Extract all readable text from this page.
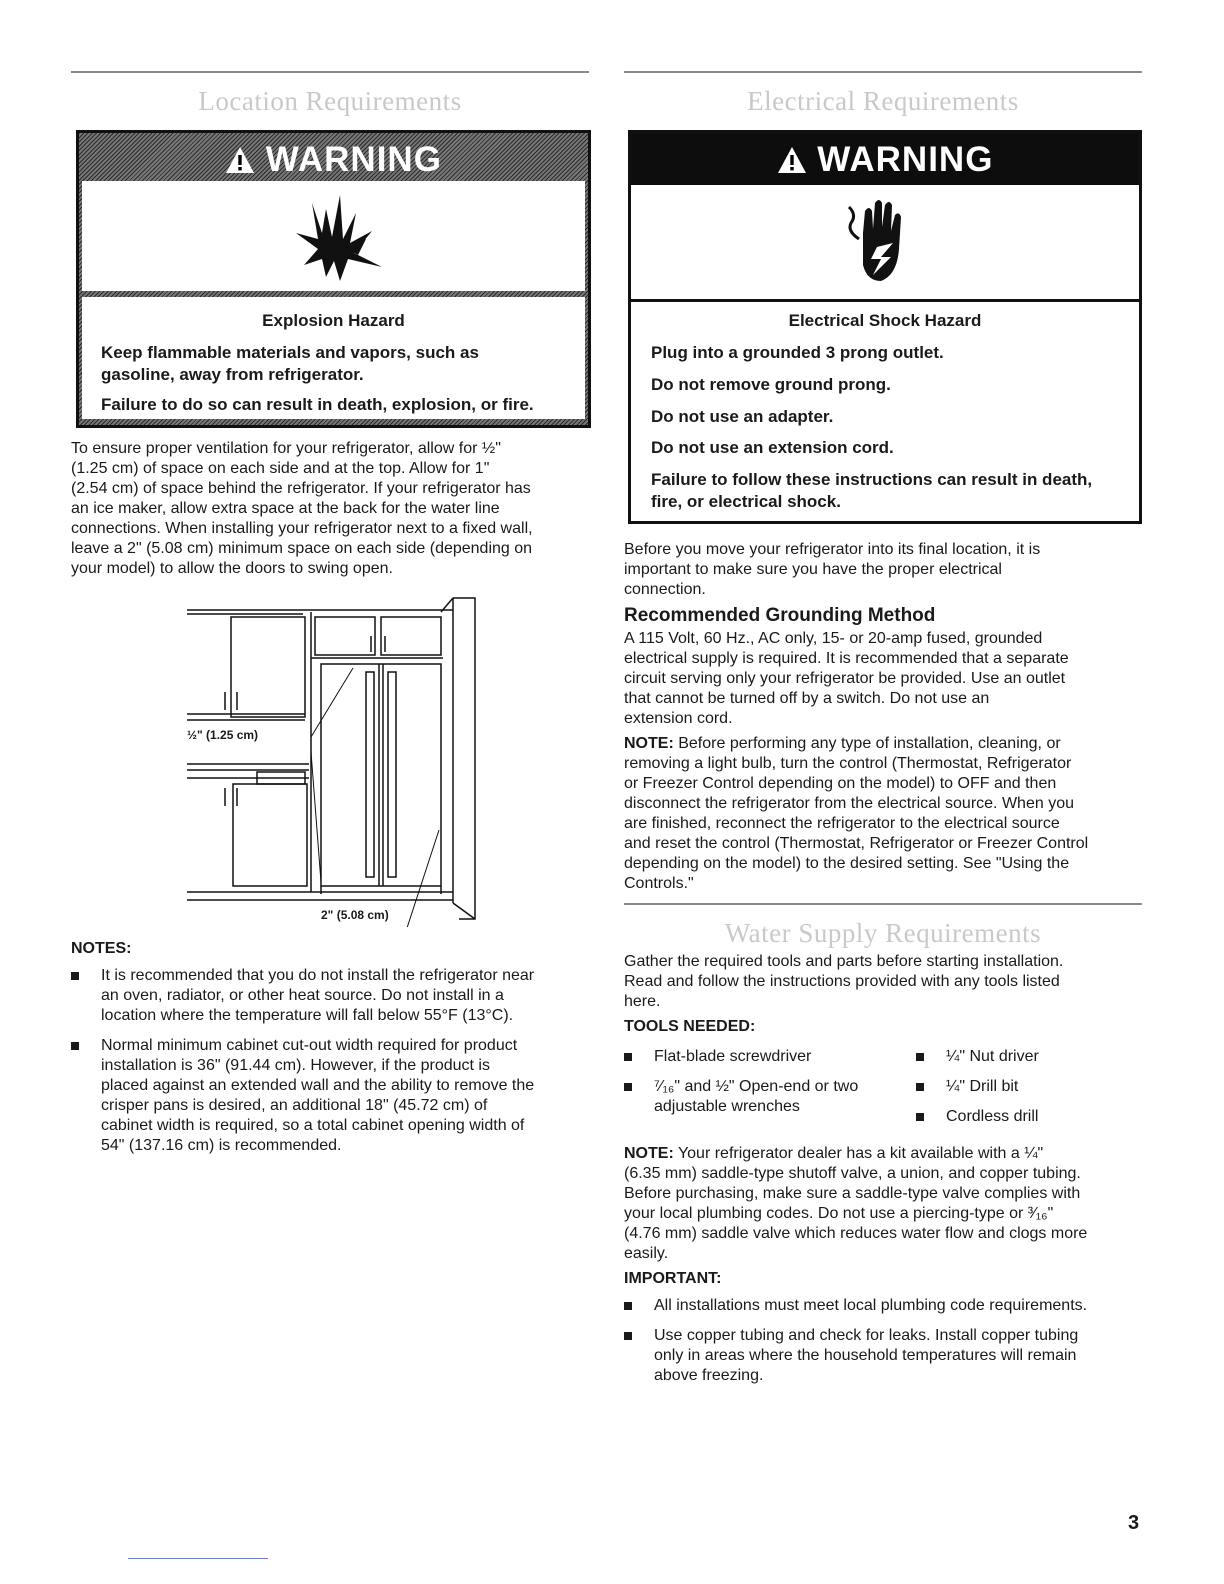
Location Requirements
WARNING
Explosion Hazard
Keep flammable materials and vapors, such as
gasoline, away from refrigerator.
Failure to do so can result in death, explosion, or fire.
To ensure proper ventilation for your refrigerator, allow for ½"
(1.25 cm) of space on each side and at the top. Allow for 1"
(2.54 cm) of space behind the refrigerator. If your refrigerator has
an ice maker, allow extra space at the back for the water line
connections. When installing your refrigerator next to a fixed wall,
leave a 2" (5.08 cm) minimum space on each side (depending on
your model) to allow the doors to swing open.
½" (1.25 cm)
2" (5.08 cm)
NOTES:
It is recommended that you do not install the refrigerator near
an oven, radiator, or other heat source. Do not install in a
location where the temperature will fall below 55°F (13°C).
Normal minimum cabinet cut-out width required for product
installation is 36" (91.44 cm). However, if the product is
placed against an extended wall and the ability to remove the
crisper pans is desired, an additional 18" (45.72 cm) of
cabinet width is required, so a total cabinet opening width of
54" (137.16 cm) is recommended.
Electrical Requirements
WARNING
Electrical Shock Hazard
Plug into a grounded 3 prong outlet.
Do not remove ground prong.
Do not use an adapter.
Do not use an extension cord.
Failure to follow these instructions can result in death,
fire, or electrical shock.
Before you move your refrigerator into its final location, it is
important to make sure you have the proper electrical
connection.
Recommended Grounding Method
A 115 Volt, 60 Hz., AC only, 15- or 20-amp fused, grounded
electrical supply is required. It is recommended that a separate
circuit serving only your refrigerator be provided. Use an outlet
that cannot be turned off by a switch. Do not use an
extension cord.
NOTE: Before performing any type of installation, cleaning, or
removing a light bulb, turn the control (Thermostat, Refrigerator
or Freezer Control depending on the model) to OFF and then
disconnect the refrigerator from the electrical source. When you
are finished, reconnect the refrigerator to the electrical source
and reset the control (Thermostat, Refrigerator or Freezer Control
depending on the model) to the desired setting. See "Using the
Controls."
Water Supply Requirements
Gather the required tools and parts before starting installation.
Read and follow the instructions provided with any tools listed
here.
TOOLS NEEDED:
Flat-blade screwdriver
⁷⁄₁₆" and ½" Open-end or two
adjustable wrenches
¼" Nut driver
¼" Drill bit
Cordless drill
NOTE: Your refrigerator dealer has a kit available with a ¼"
(6.35 mm) saddle-type shutoff valve, a union, and copper tubing.
Before purchasing, make sure a saddle-type valve complies with
your local plumbing codes. Do not use a piercing-type or ³⁄₁₆"
(4.76 mm) saddle valve which reduces water flow and clogs more
easily.
IMPORTANT:
All installations must meet local plumbing code requirements.
Use copper tubing and check for leaks. Install copper tubing
only in areas where the household temperatures will remain
above freezing.
3
